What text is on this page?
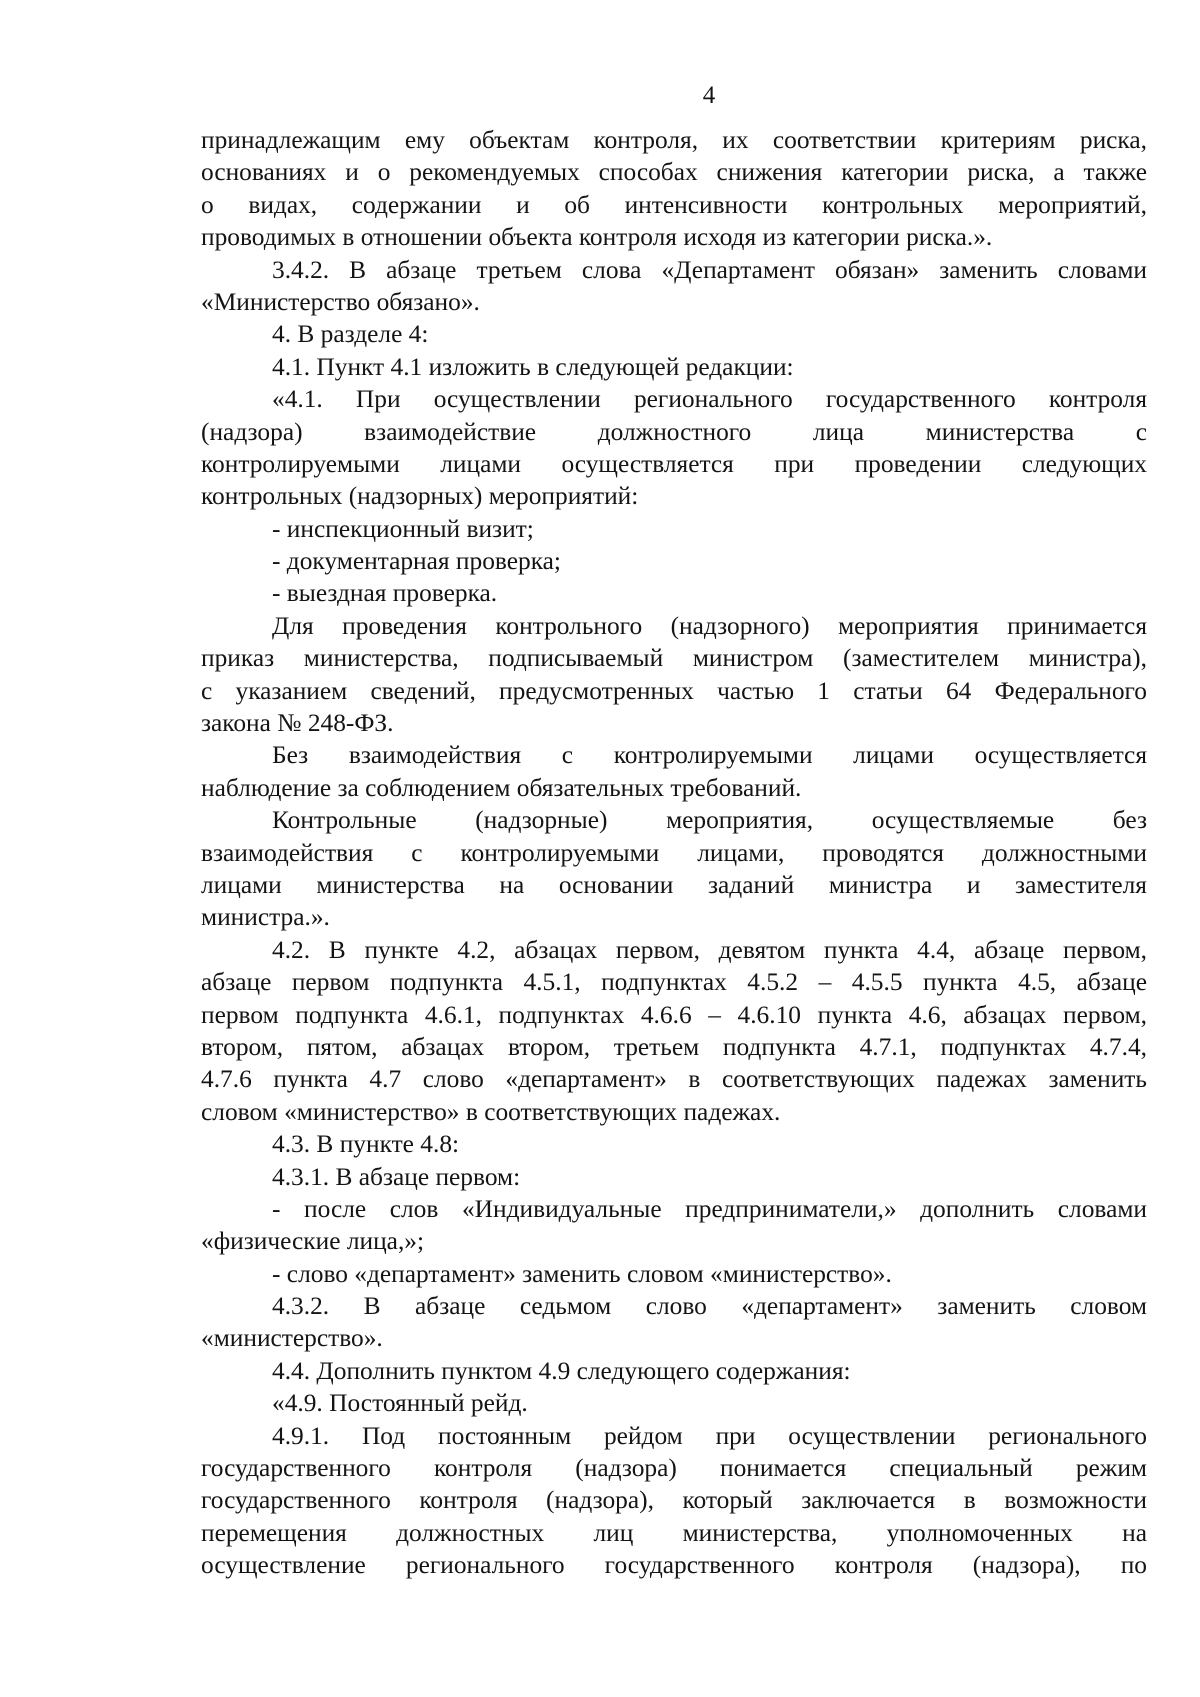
4
принадлежащим ему объектам контроля, их соответствии критериям риска,
основаниях и о рекомендуемых способах снижения категории риска, а также
о видах, содержании и об интенсивности контрольных мероприятий,
проводимых в отношении объекта контроля исходя из категории риска.».
3.4.2. В абзаце третьем слова «Департамент обязан» заменить словами
«Министерство обязано».
4. В разделе 4:
4.1. Пункт 4.1 изложить в следующей редакции:
«4.1. При осуществлении регионального государственного контроля
(надзора) взаимодействие должностного лица министерства с
контролируемыми лицами осуществляется при проведении следующих
контрольных (надзорных) мероприятий:
- инспекционный визит;
- документарная проверка;
- выездная проверка.
Для проведения контрольного (надзорного) мероприятия принимается
приказ министерства, подписываемый министром (заместителем министра),
с указанием сведений, предусмотренных частью 1 статьи 64 Федерального
закона № 248-ФЗ.
Без взаимодействия с контролируемыми лицами осуществляется
наблюдение за соблюдением обязательных требований.
Контрольные (надзорные) мероприятия, осуществляемые без
взаимодействия с контролируемыми лицами, проводятся должностными
лицами министерства на основании заданий министра и заместителя
министра.».
4.2. В пункте 4.2, абзацах первом, девятом пункта 4.4, абзаце первом,
абзаце первом подпункта 4.5.1, подпунктах 4.5.2 – 4.5.5 пункта 4.5, абзаце
первом подпункта 4.6.1, подпунктах 4.6.6 – 4.6.10 пункта 4.6, абзацах первом,
втором, пятом, абзацах втором, третьем подпункта 4.7.1, подпунктах 4.7.4,
4.7.6 пункта 4.7 слово «департамент» в соответствующих падежах заменить
словом «министерство» в соответствующих падежах.
4.3. В пункте 4.8:
4.3.1. В абзаце первом:
- после слов «Индивидуальные предприниматели,» дополнить словами
«физические лица,»;
- слово «департамент» заменить словом «министерство».
4.3.2. В абзаце седьмом слово «департамент» заменить словом
«министерство».
4.4. Дополнить пунктом 4.9 следующего содержания:
«4.9. Постоянный рейд.
4.9.1. Под постоянным рейдом при осуществлении регионального
государственного контроля (надзора) понимается специальный режим
государственного контроля (надзора), который заключается в возможности
перемещения должностных лиц министерства, уполномоченных на
осуществление регионального государственного контроля (надзора), по
